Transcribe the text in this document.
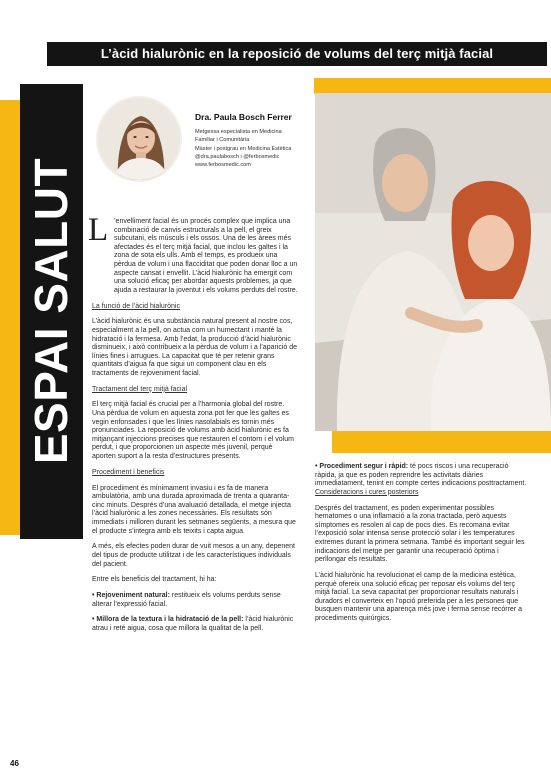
L’àcid hialurònic en la reposició de volums del terç mitjà facial
ESPAI SALUT
Dra. Paula Bosch Ferrer
Metgessa especialista en Medicina
Familiar i Comunitària
Màster i postgrau en Medicina Estètica
@dra.paulabosch i @ferbosmedic
www.ferbosmedic.com
L ’envelliment facial és un procés complex que implica una combinació de canvis estructurals a la pell, el greix subcutani, els músculs i els ossos. Una de les àrees més afectades és el terç mitjà facial, que inclou les galtes i la zona de sota els ulls. Amb el temps, es produeix una pèrdua de volum i una flacciditat que poden donar lloc a un aspecte cansat i envellit. L’àcid hialurònic ha emergit com una solució eficaç per abordar aquests problemes, ja que ajuda a restaurar la joventut i els volums perduts del rostre.

La funció de l’àcid hialurònic

L’àcid hialurònic és una substància natural present al nostre cos, especialment a la pell, on actua com un humectant i manté la hidratació i la fermesa. Amb l’edat, la producció d’àcid hialurònic disminueix, i això contribueix a la pèrdua de volum i a l’aparició de línies fines i arrugues. La capacitat que té per retenir grans quantitats d’aigua fa que sigui un component clau en els tractaments de rejoveniment facial.

Tractament del terç mitjà facial

El terç mitjà facial és crucial per a l’harmonia global del rostre. Una pèrdua de volum en aquesta zona pot fer que les galtes es vegin enfonsades i que les línies nasolabials es tornin més pronunciades. La reposició de volums amb àcid hialurònic es fa mitjançant injeccions precises que restauren el contorn i el volum perdut, i que proporcionen un aspecte més juvenil, perquè aporten suport a la resta d’estructures presents.

Procediment i beneficis

El procediment és mínimament invasiu i es fa de manera ambulatòria, amb una durada aproximada de trenta a quaranta-cinc minuts. Després d’una avaluació detallada, el metge injecta l’àcid hialurònic a les zones necessàries. Els resultats són immediats i milloren durant les setmanes següents, a mesura que el producte s’integra amb els teixits i capta aigua.

A més, els efectes poden durar de vuit mesos a un any, depenent del tipus de producte utilitzat i de les característiques individuals del pacient.

Entre els beneficis del tractament, hi ha:

• Rejoveniment natural: restitueix els volums perduts sense alterar l’expressió facial.

• Millora de la textura i la hidratació de la pell: l’àcid hialurònic atrau i reté aigua, cosa que millora la qualitat de la pell.

• Procediment segur i ràpid: té pocs riscos i una recuperació ràpida, ja que es poden reprendre les activitats diàries immediatament, tenint en compte certes indicacions posttractament.

Consideracions i cures posteriors

Després del tractament, es poden experimentar possibles hematomes o una inflamació a la zona tractada, però aquests símptomes es resolen al cap de pocs dies. Es recomana evitar l’exposició solar intensa sense protecció solar i les temperatures extremes durant la primera setmana. També és important seguir les indicacions del metge per garantir una recuperació òptima i perllongar els resultats.

L’àcid hialurònic ha revolucionat el camp de la medicina estètica, perquè ofereix una solució eficaç per reposar els volums del terç mitjà facial. La seva capacitat per proporcionar resultats naturals i duradors el converteix en l’opció preferida per a les persones que busquen mantenir una aparença més jove i ferma sense recórrer a procediments quirúrgics.

46
